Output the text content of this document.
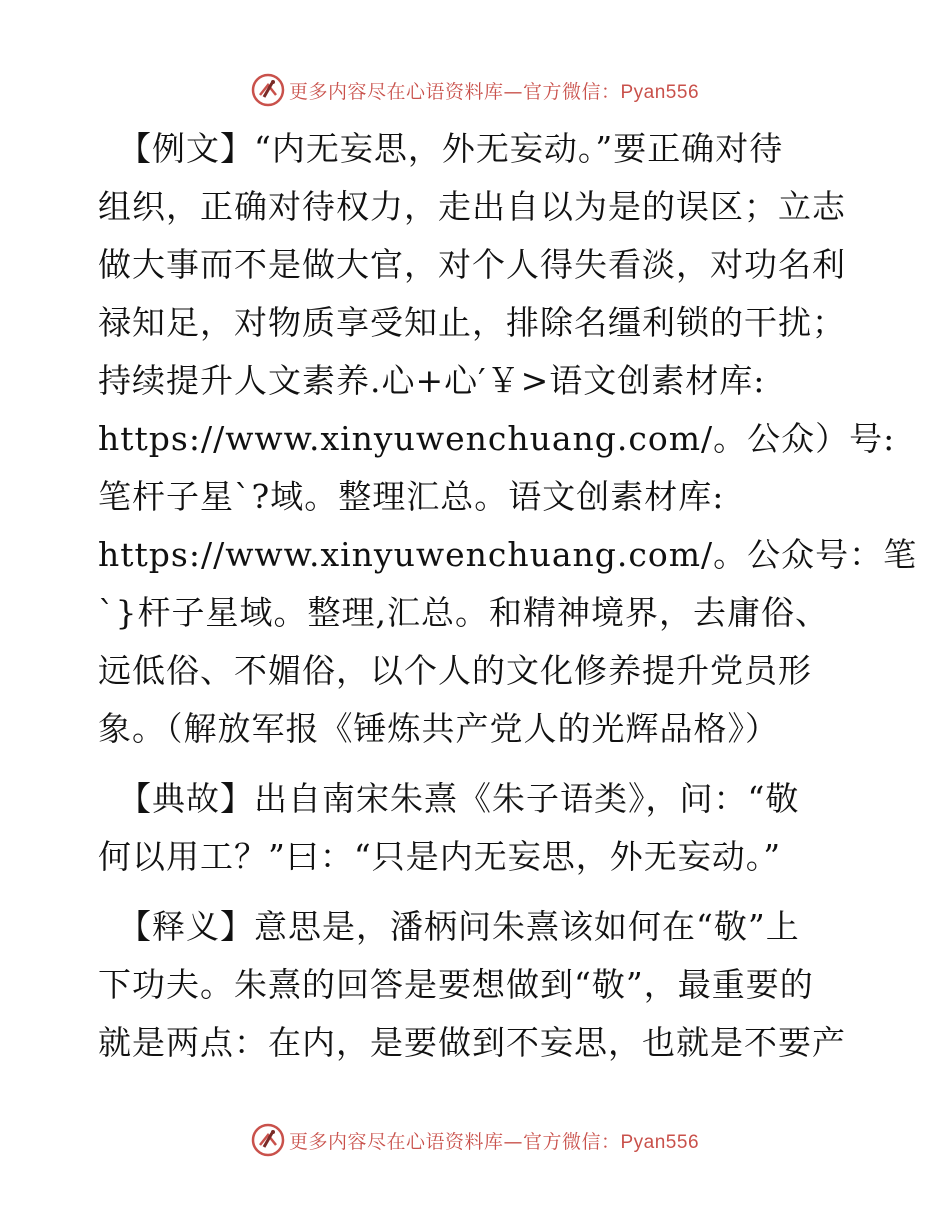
更多内容尽在心语资料库—官方微信：Pyan556
【例文】“内无妄思，外无妄动。”要正确对待
组织，正确对待权力，走出自以为是的误区；立志
做大事而不是做大官，对个人得失看淡，对功名利
禄知足，对物质享受知止，排除名缰利锁的干扰；
持续提升人文素养.心+心′￥>语文创素材库:
https://www.xinyuwenchuang.com/。公众）号:
笔杆子星`?域。整理汇总。语文创素材库:
https://www.xinyuwenchuang.com/。公众号：笔
`}杆子星域。整理,汇总。和精神境界，去庸俗、
远低俗、不媚俗，以个人的文化修养提升党员形
象。（解放军报《锤炼共产党人的光辉品格》）
【典故】出自南宋朱熹《朱子语类》，问：“敬
何以用工？”曰：“只是内无妄思，外无妄动。”
【释义】意思是，潘柄问朱熹该如何在“敬”上
下功夫。朱熹的回答是要想做到“敬”，最重要的
就是两点：在内，是要做到不妄思，也就是不要产
更多内容尽在心语资料库—官方微信：Pyan556
